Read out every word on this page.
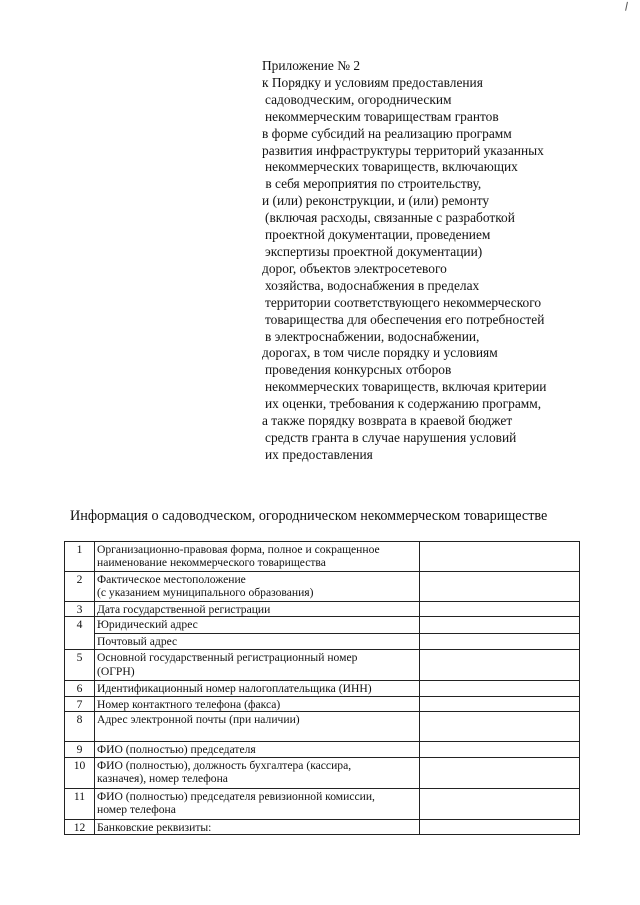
Приложение № 2
к Порядку и условиям предоставления
садоводческим, огородническим
некоммерческим товариществам грантов
в форме субсидий на реализацию программ
развития инфраструктуры территорий указанных
некоммерческих товариществ, включающих
в себя мероприятия по строительству,
и (или) реконструкции, и (или) ремонту
(включая расходы, связанные с разработкой
проектной документации, проведением
экспертизы проектной документации)
дорог, объектов электросетевого
хозяйства, водоснабжения в пределах
территории соответствующего некоммерческого
товарищества для обеспечения его потребностей
в электроснабжении, водоснабжении,
дорогах, в том числе порядку и условиям
проведения конкурсных отборов
некоммерческих товариществ, включая критерии
их оценки, требования к содержанию программ,
а также порядку возврата в краевой бюджет
средств гранта в случае нарушения условий
их предоставления
Информация о садоводческом, огородническом некоммерческом товариществе
1	Организационно-правовая форма, полное и сокращенное
наименование некоммерческого товарищества	

2	Фактическое местоположение
(с указанием муниципального образования)	

3	Дата государственной регистрации	

4	Юридический адрес	

	Почтовый адрес	

5	Основной государственный регистрационный номер
(ОГРН)	

6	Идентификационный номер налогоплательщика (ИНН)	

7	Номер контактного телефона (факса)	

8	Адрес электронной почты (при наличии)	

9	ФИО (полностью) председателя	

10	ФИО (полностью), должность бухгалтера (кассира,
казначея), номер телефона	

11	ФИО (полностью) председателя ревизионной комиссии,
номер телефона	

12	Банковские реквизиты:	
